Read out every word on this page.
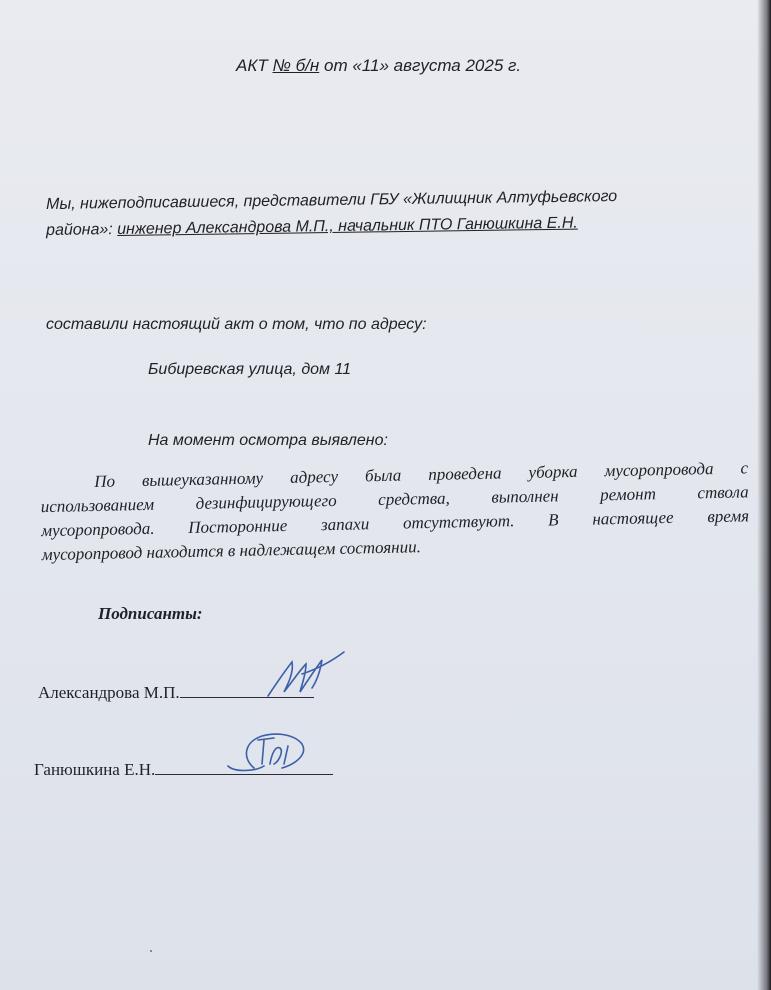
АКТ № б/н от «11» августа 2025 г.
Мы, нижеподписавшиеся, представители ГБУ «Жилищник Алтуфьевского
района»: инженер Александрова М.П., начальник ПТО Ганюшкина Е.Н.
составили настоящий акт о том, что по адресу:
Бибиревская улица, дом 11
На момент осмотра выявлено:
По вышеуказанному адресу была проведена уборка мусоропровода с
использованием дезинфицирующего средства, выполнен ремонт ствола
мусоропровода. Посторонние запахи отсутствуют. В настоящее время
мусоропровод находится в надлежащем состоянии.
Подписанты:
Александрова М.П.
Ганюшкина Е.Н.
